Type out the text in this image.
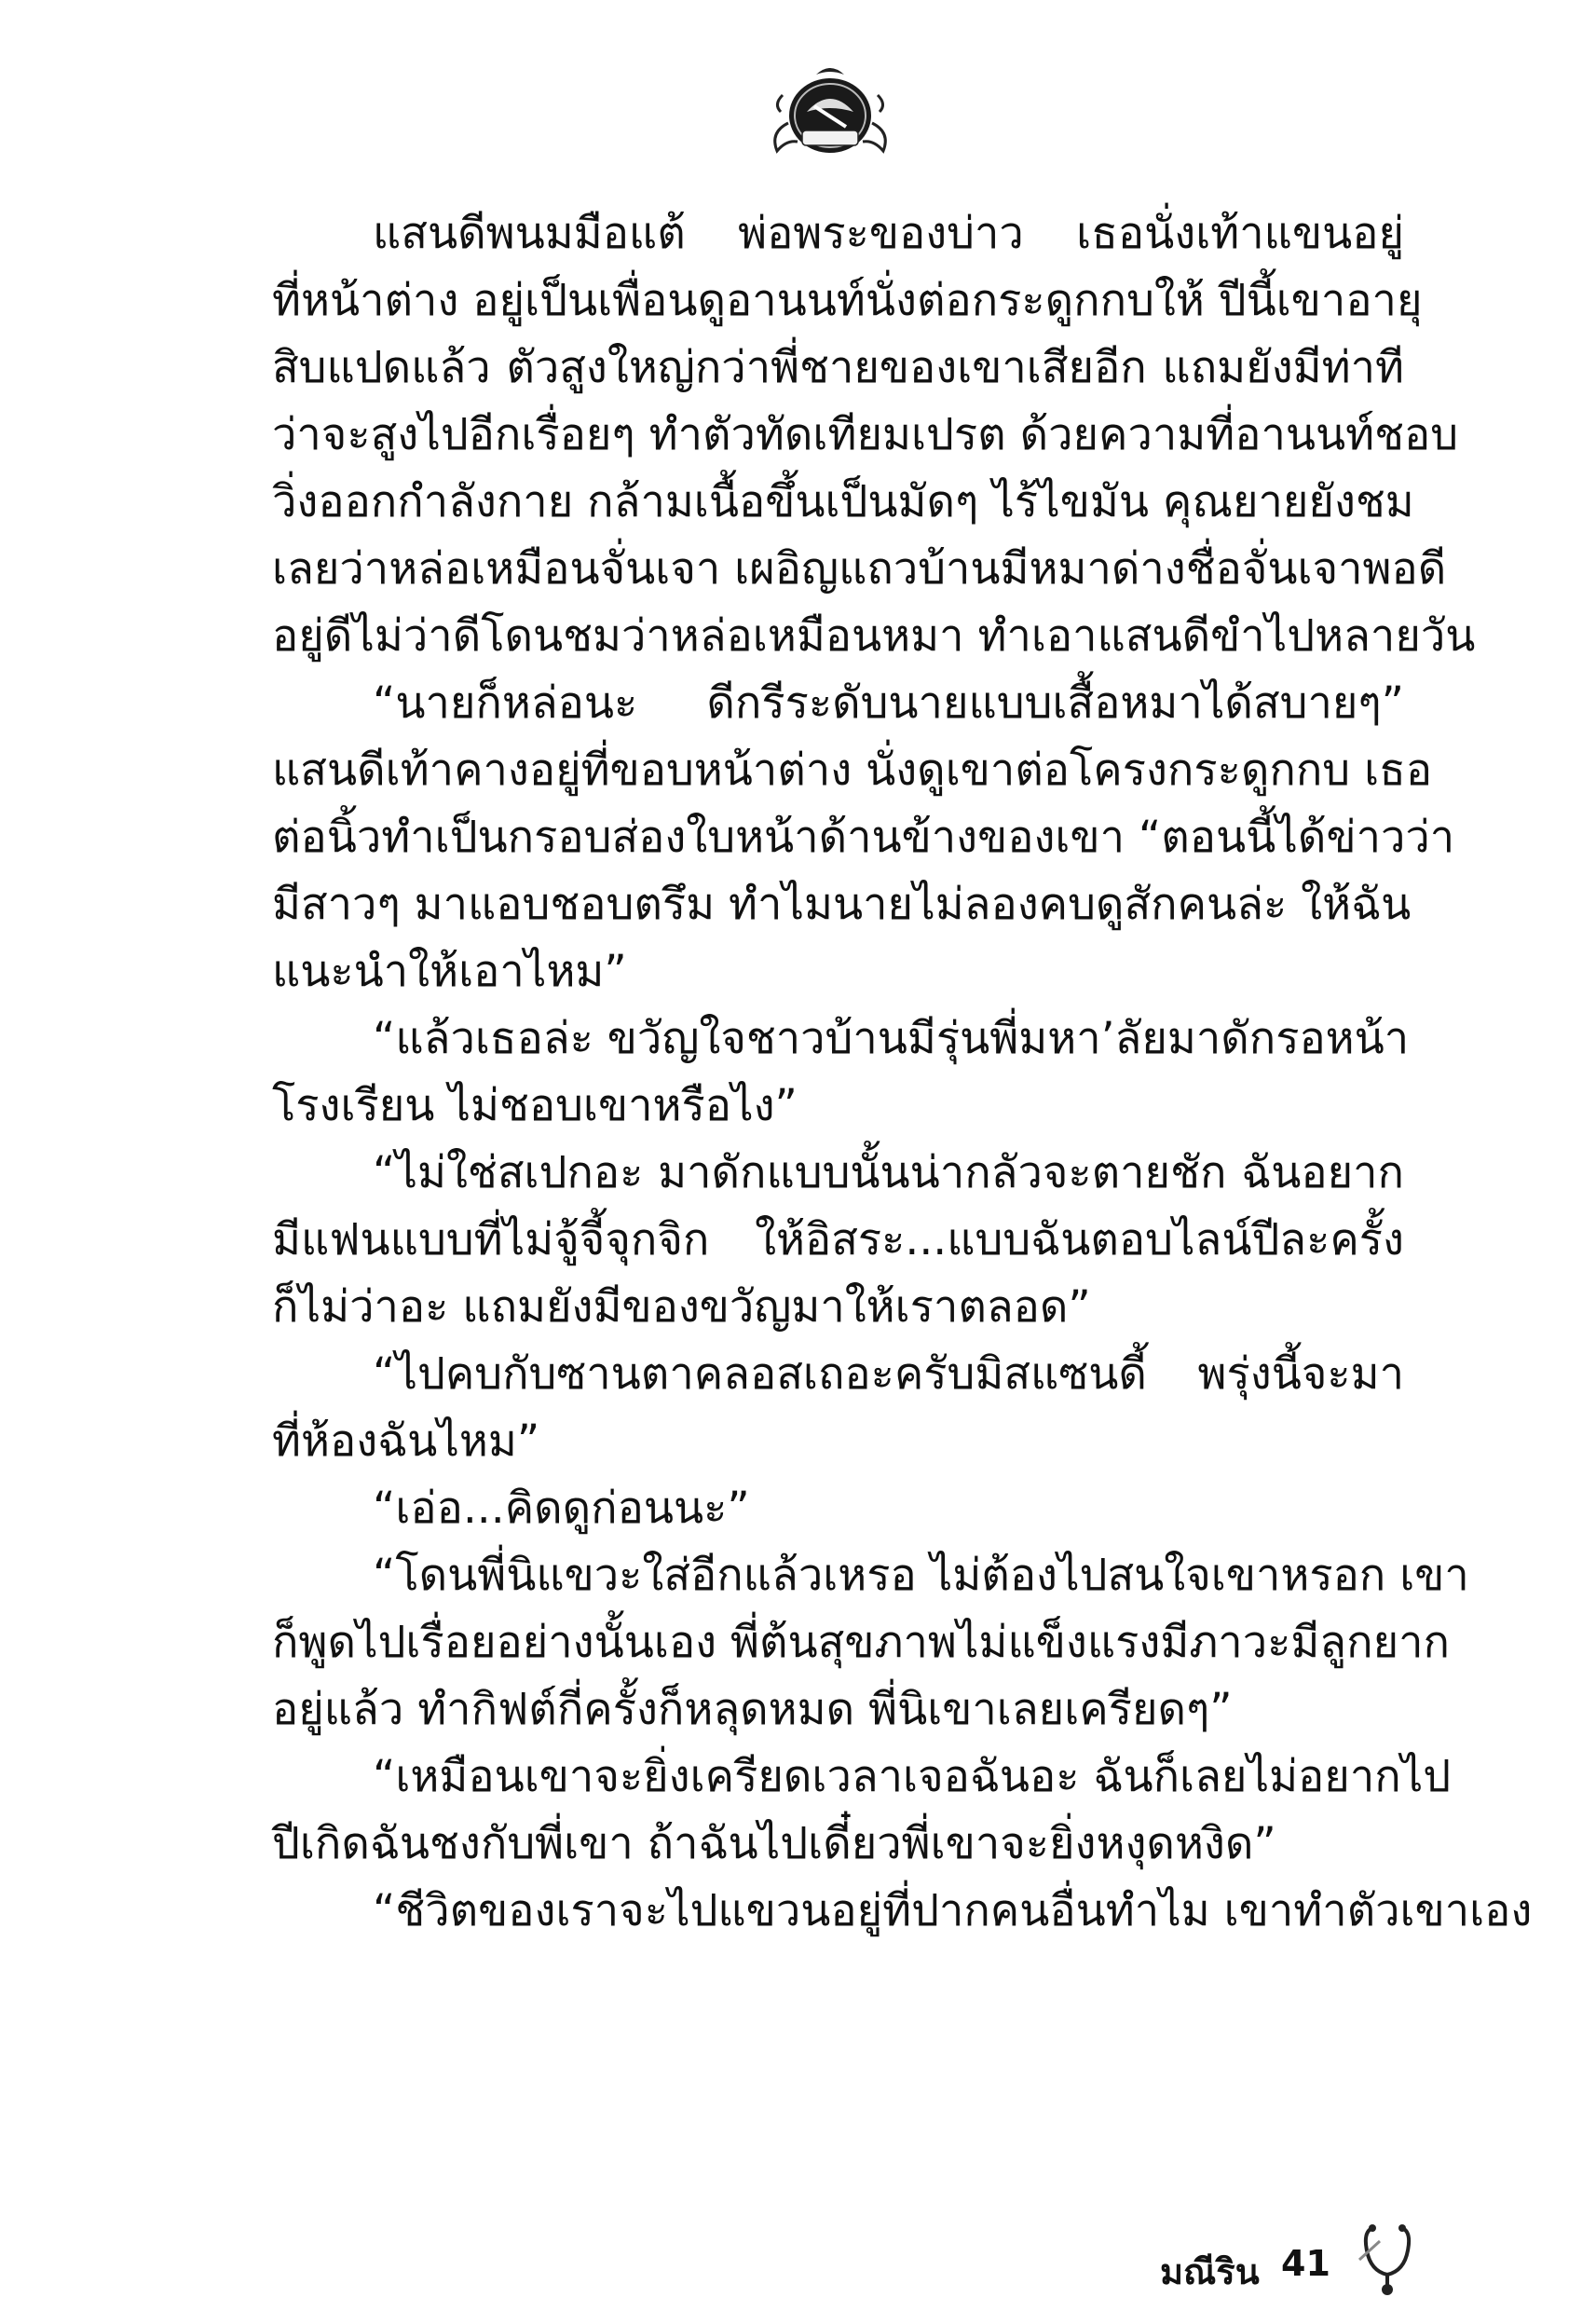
แสนดีพนมมือแต้ พ่อพระของบ่าว เธอนั่งเท้าแขนอยู่
ที่หน้าต่าง อยู่เป็นเพื่อนดูอานนท์นั่งต่อกระดูกกบให้ ปีนี้เขาอายุ
สิบแปดแล้ว ตัวสูงใหญ่กว่าพี่ชายของเขาเสียอีก แถมยังมีท่าที
ว่าจะสูงไปอีกเรื่อยๆ ทำตัวทัดเทียมเปรต ด้วยความที่อานนท์ชอบ
วิ่งออกกำลังกาย กล้ามเนื้อขึ้นเป็นมัดๆ ไร้ไขมัน คุณยายยังชม
เลยว่าหล่อเหมือนจั่นเจา เผอิญแถวบ้านมีหมาด่างชื่อจั่นเจาพอดี
อยู่ดีไม่ว่าดีโดนชมว่าหล่อเหมือนหมา ทำเอาแสนดีขำไปหลายวัน
“นายก็หล่อนะ ดีกรีระดับนายแบบเสื้อหมาได้สบายๆ”
แสนดีเท้าคางอยู่ที่ขอบหน้าต่าง นั่งดูเขาต่อโครงกระดูกกบ เธอ
ต่อนิ้วทำเป็นกรอบส่องใบหน้าด้านข้างของเขา “ตอนนี้ได้ข่าวว่า
มีสาวๆ มาแอบชอบตรึม ทำไมนายไม่ลองคบดูสักคนล่ะ ให้ฉัน
แนะนำให้เอาไหม”
“แล้วเธอล่ะ ขวัญใจชาวบ้านมีรุ่นพี่มหา’ลัยมาดักรอหน้า
โรงเรียน ไม่ชอบเขาหรือไง”
“ไม่ใช่สเปกอะ มาดักแบบนั้นน่ากลัวจะตายชัก ฉันอยาก
มีแฟนแบบที่ไม่จู้จี้จุกจิก ให้อิสระ...แบบฉันตอบไลน์ปีละครั้ง
ก็ไม่ว่าอะ แถมยังมีของขวัญมาให้เราตลอด”
“ไปคบกับซานตาคลอสเถอะครับมิสแซนดี้ พรุ่งนี้จะมา
ที่ห้องฉันไหม”
“เอ่อ...คิดดูก่อนนะ”
“โดนพี่นิแขวะใส่อีกแล้วเหรอ ไม่ต้องไปสนใจเขาหรอก เขา
ก็พูดไปเรื่อยอย่างนั้นเอง พี่ต้นสุขภาพไม่แข็งแรงมีภาวะมีลูกยาก
อยู่แล้ว ทำกิฟต์กี่ครั้งก็หลุดหมด พี่นิเขาเลยเครียดๆ”
“เหมือนเขาจะยิ่งเครียดเวลาเจอฉันอะ ฉันก็เลยไม่อยากไป
ปีเกิดฉันชงกับพี่เขา ถ้าฉันไปเดี๋ยวพี่เขาจะยิ่งหงุดหงิด”
“ชีวิตของเราจะไปแขวนอยู่ที่ปากคนอื่นทำไม เขาทำตัวเขาเอง
มณีริน 41
